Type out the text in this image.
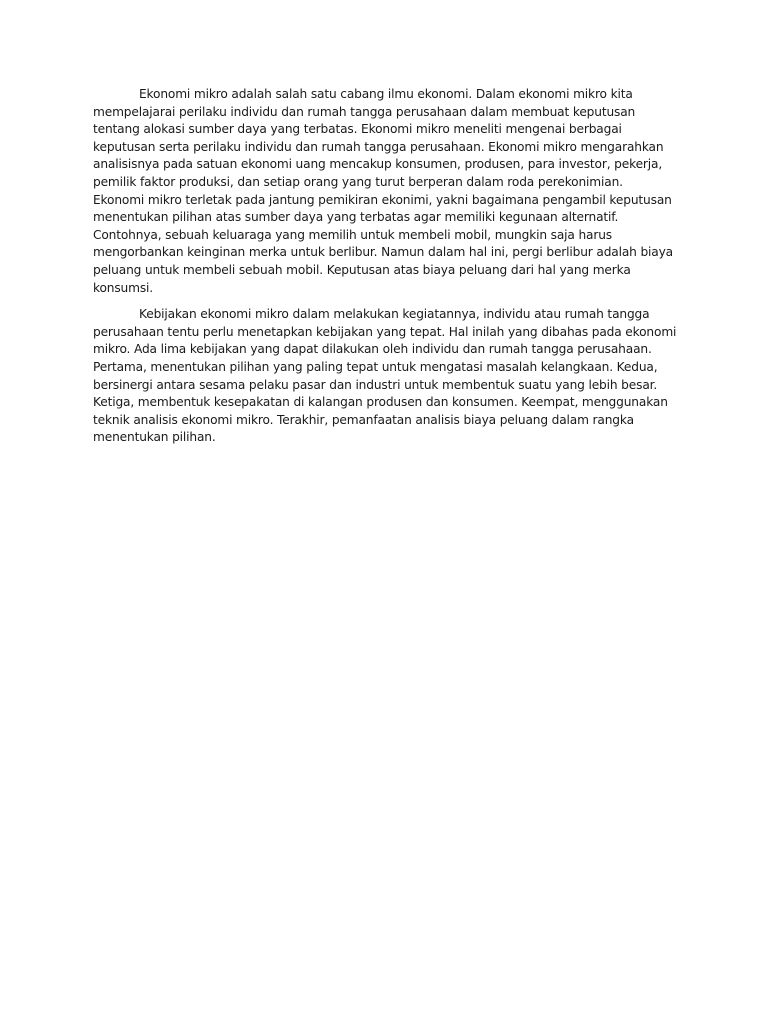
Ekonomi mikro adalah salah satu cabang ilmu ekonomi. Dalam ekonomi mikro kita mempelajarai perilaku individu dan rumah tangga perusahaan dalam membuat keputusan tentang alokasi sumber daya yang terbatas. Ekonomi mikro meneliti mengenai berbagai keputusan serta perilaku individu dan rumah tangga perusahaan. Ekonomi mikro mengarahkan analisisnya pada satuan ekonomi uang mencakup konsumen, produsen, para investor, pekerja, pemilik faktor produksi, dan setiap orang yang turut berperan dalam roda perekonimian. Ekonomi mikro terletak pada jantung pemikiran ekonimi, yakni bagaimana pengambil keputusan menentukan pilihan atas sumber daya yang terbatas agar memiliki kegunaan alternatif. Contohnya, sebuah keluaraga yang memilih untuk membeli mobil, mungkin saja harus mengorbankan keinginan merka untuk berlibur. Namun dalam hal ini, pergi berlibur adalah biaya peluang untuk membeli sebuah mobil. Keputusan atas biaya peluang dari hal yang merka konsumsi.

Kebijakan ekonomi mikro dalam melakukan kegiatannya, individu atau rumah tangga perusahaan tentu perlu menetapkan kebijakan yang tepat. Hal inilah yang dibahas pada ekonomi mikro. Ada lima kebijakan yang dapat dilakukan oleh individu dan rumah tangga perusahaan. Pertama, menentukan pilihan yang paling tepat untuk mengatasi masalah kelangkaan. Kedua, bersinergi antara sesama pelaku pasar dan industri untuk membentuk suatu yang lebih besar. Ketiga, membentuk kesepakatan di kalangan produsen dan konsumen. Keempat, menggunakan teknik analisis ekonomi mikro. Terakhir, pemanfaatan analisis biaya peluang dalam rangka menentukan pilihan.
